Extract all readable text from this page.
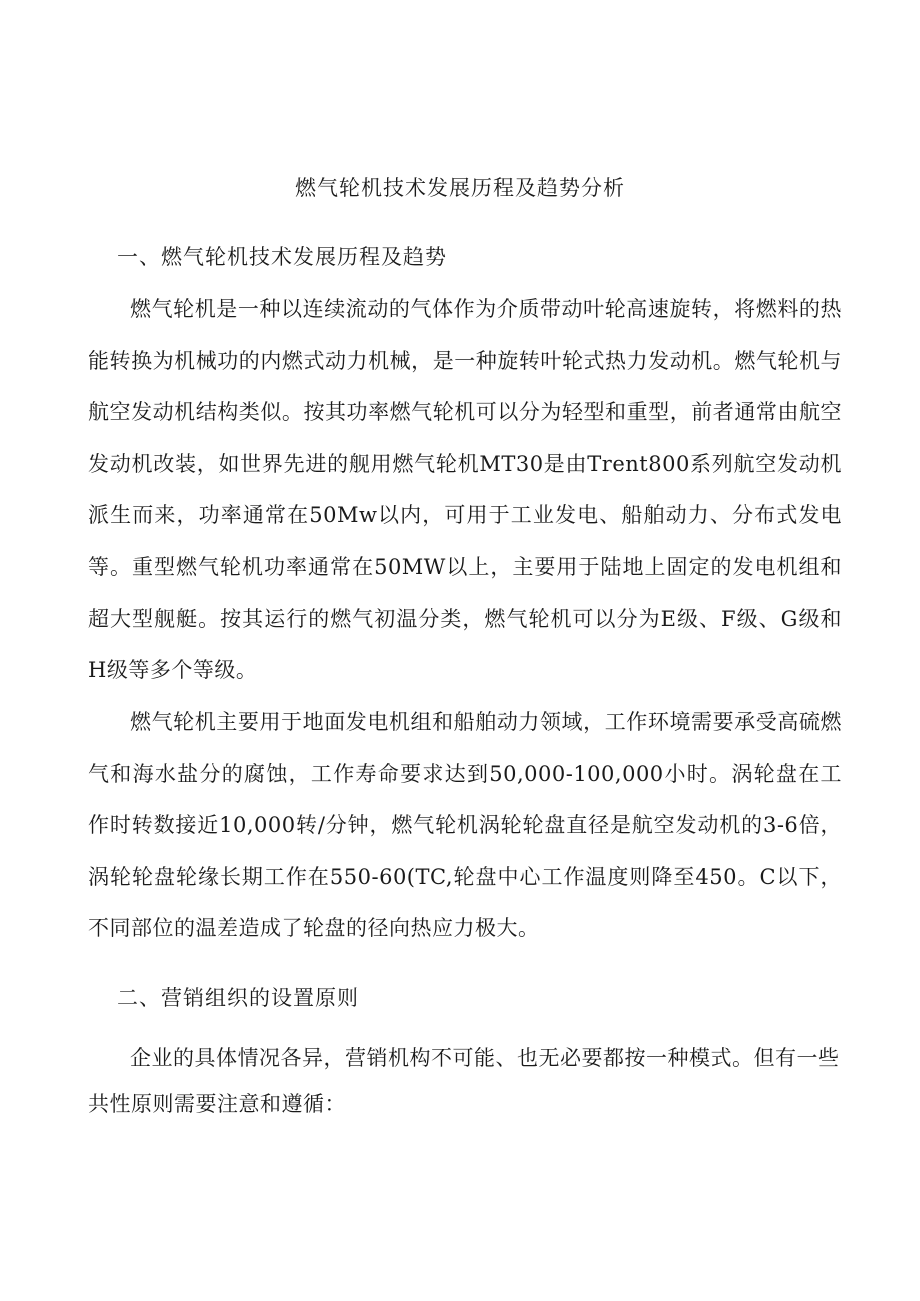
燃气轮机技术发展历程及趋势分析
一、燃气轮机技术发展历程及趋势

燃气轮机是一种以连续流动的气体作为介质带动叶轮高速旋转，将燃料的热能转换为机械功的内燃式动力机械，是一种旋转叶轮式热力发动机。燃气轮机与航空发动机结构类似。按其功率燃气轮机可以分为轻型和重型，前者通常由航空发动机改装，如世界先进的舰用燃气轮机MT30是由Trent800系列航空发动机派生而来，功率通常在50Mw以内，可用于工业发电、船舶动力、分布式发电等。重型燃气轮机功率通常在50MW以上，主要用于陆地上固定的发电机组和超大型舰艇。按其运行的燃气初温分类，燃气轮机可以分为E级、F级、G级和H级等多个等级。

燃气轮机主要用于地面发电机组和船舶动力领域，工作环境需要承受高硫燃气和海水盐分的腐蚀，工作寿命要求达到50,000-100,000小时。涡轮盘在工作时转数接近10,000转/分钟，燃气轮机涡轮轮盘直径是航空发动机的3-6倍，涡轮轮盘轮缘长期工作在550-60(TC,轮盘中心工作温度则降至450。C以下，不同部位的温差造成了轮盘的径向热应力极大。

二、营销组织的设置原则

企业的具体情况各异，营销机构不可能、也无必要都按一种模式。但有一些共性原则需要注意和遵循：
